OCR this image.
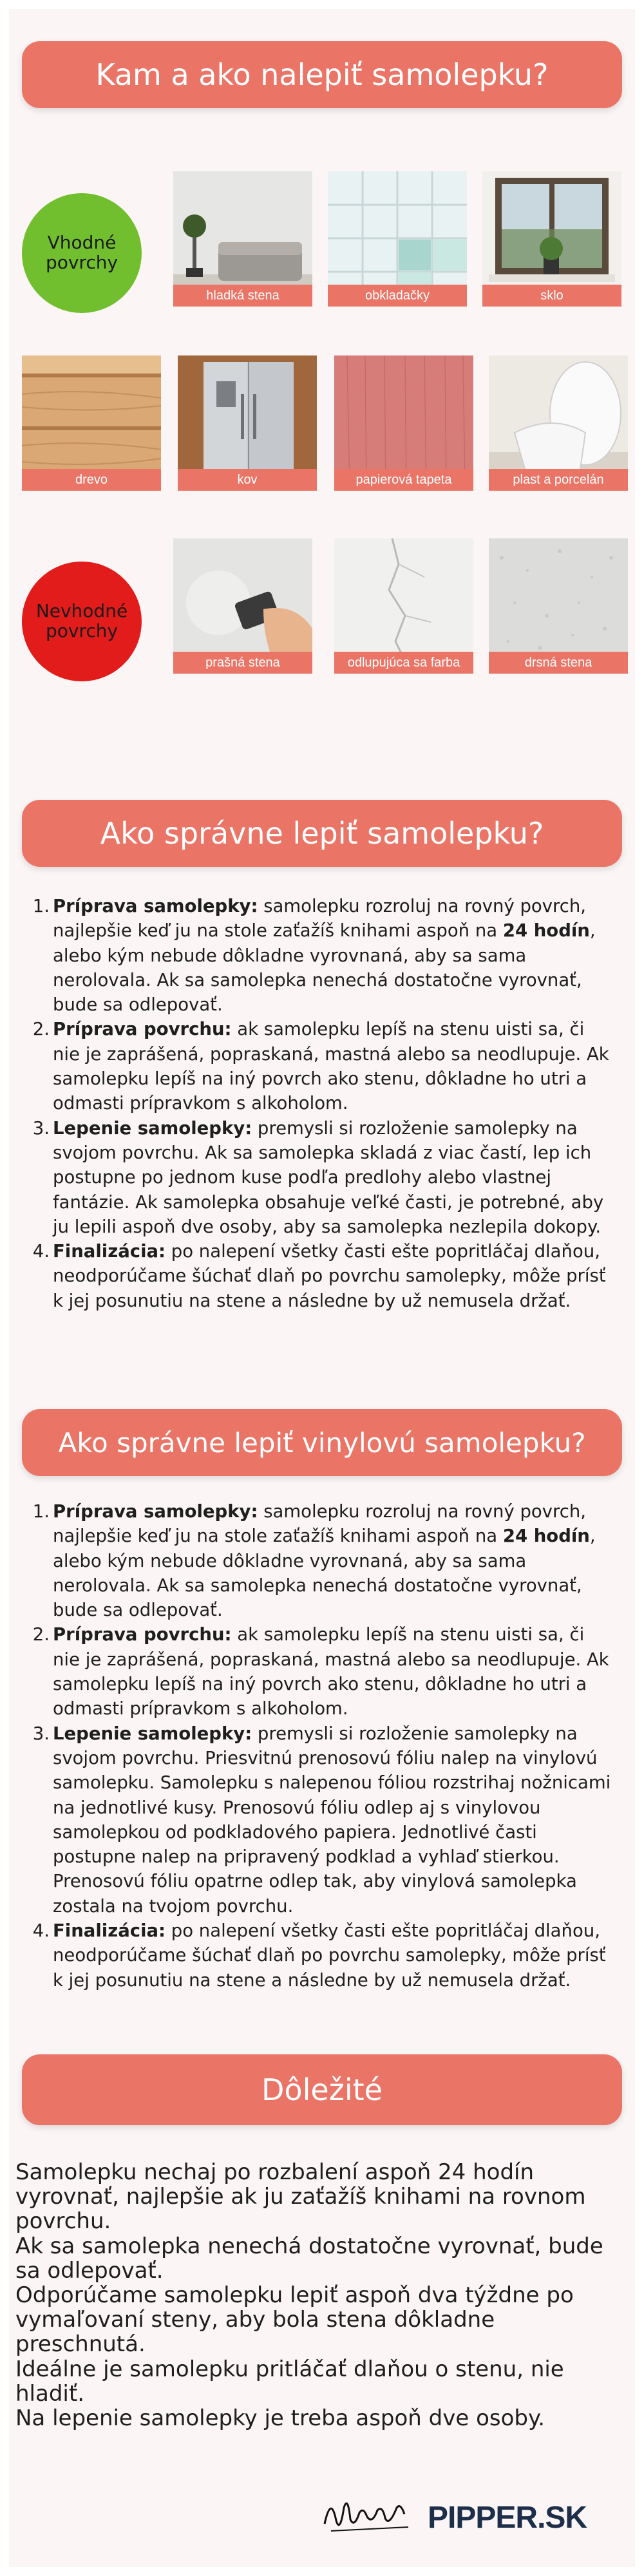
Kam a ako nalepiť samolepku?
Vhodné povrchy
hladká stena	obkladačky	sklo
drevo	kov	papierová tapeta	plast a porcelán
Nevhodné povrchy
prašná stena	odlupujúca sa farba	drsná stena
Ako správne lepiť samolepku?
1. Príprava samolepky: samolepku rozroluj na rovný povrch, najlepšie keď ju na stole zaťažíš knihami aspoň na 24 hodín, alebo kým nebude dôkladne vyrovnaná, aby sa sama nerolovala. Ak sa samolepka nenechá dostatočne vyrovnať, bude sa odlepovať.
2. Príprava povrchu: ak samolepku lepíš na stenu uisti sa, či nie je zaprášená, popraskaná, mastná alebo sa neodlupuje. Ak samolepku lepíš na iný povrch ako stenu, dôkladne ho utri a odmasti prípravkom s alkoholom.
3. Lepenie samolepky: premysli si rozloženie samolepky na svojom povrchu. Ak sa samolepka skladá z viac častí, lep ich postupne po jednom kuse podľa predlohy alebo vlastnej fantázie. Ak samolepka obsahuje veľké časti, je potrebné, aby ju lepili aspoň dve osoby, aby sa samolepka nezlepila dokopy.
4. Finalizácia: po nalepení všetky časti ešte popritláčaj dlaňou, neodporúčame šúchať dlaň po povrchu samolepky, môže prísť k jej posunutiu na stene a následne by už nemusela držať.
Ako správne lepiť vinylovú samolepku?
1. Príprava samolepky: samolepku rozroluj na rovný povrch, najlepšie keď ju na stole zaťažíš knihami aspoň na 24 hodín, alebo kým nebude dôkladne vyrovnaná, aby sa sama nerolovala. Ak sa samolepka nenechá dostatočne vyrovnať, bude sa odlepovať.
2. Príprava povrchu: ak samolepku lepíš na stenu uisti sa, či nie je zaprášená, popraskaná, mastná alebo sa neodlupuje. Ak samolepku lepíš na iný povrch ako stenu, dôkladne ho utri a odmasti prípravkom s alkoholom.
3. Lepenie samolepky: premysli si rozloženie samolepky na svojom povrchu. Priesvitnú prenosovú fóliu nalep na vinylovú samolepku. Samolepku s nalepenou fóliou rozstrihaj nožnicami na jednotlivé kusy. Prenosovú fóliu odlep aj s vinylovou samolepkou od podkladového papiera. Jednotlivé časti postupne nalep na pripravený podklad a vyhlaď stierkou. Prenosovú fóliu opatrne odlep tak, aby vinylová samolepka zostala na tvojom povrchu.
4. Finalizácia: po nalepení všetky časti ešte popritláčaj dlaňou, neodporúčame šúchať dlaň po povrchu samolepky, môže prísť k jej posunutiu na stene a následne by už nemusela držať.
Dôležité
Samolepku nechaj po rozbalení aspoň 24 hodín vyrovnať, najlepšie ak ju zaťažíš knihami na rovnom povrchu.
Ak sa samolepka nenechá dostatočne vyrovnať, bude sa odlepovať.
Odporúčame samolepku lepiť aspoň dva týždne po vymaľovaní steny, aby bola stena dôkladne preschnutá.
Ideálne je samolepku pritláčať dlaňou o stenu, nie hladiť.
Na lepenie samolepky je treba aspoň dve osoby.
PIPPER.SK
